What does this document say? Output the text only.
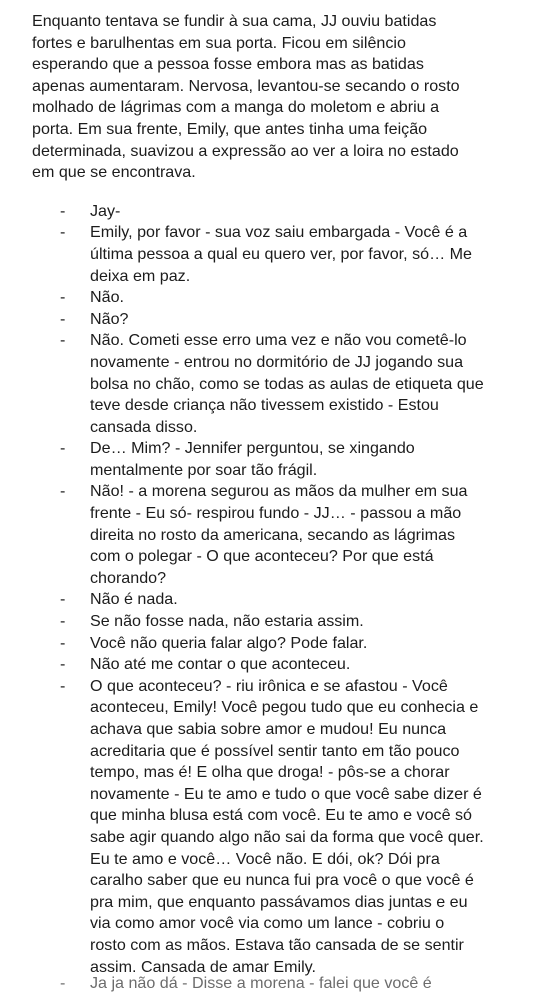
Enquanto tentava se fundir à sua cama, JJ ouviu batidas
fortes e barulhentas em sua porta. Ficou em silêncio
esperando que a pessoa fosse embora mas as batidas
apenas aumentaram. Nervosa, levantou-se secando o rosto
molhado de lágrimas com a manga do moletom e abriu a
porta. Em sua frente, Emily, que antes tinha uma feição
determinada, suavizou a expressão ao ver a loira no estado
em que se encontrava.

- Jay-
- Emily, por favor - sua voz saiu embargada - Você é a
última pessoa a qual eu quero ver, por favor, só… Me
deixa em paz.
- Não.
- Não?
- Não. Cometi esse erro uma vez e não vou cometê-lo
novamente - entrou no dormitório de JJ jogando sua
bolsa no chão, como se todas as aulas de etiqueta que
teve desde criança não tivessem existido - Estou
cansada disso.
- De… Mim? - Jennifer perguntou, se xingando
mentalmente por soar tão frágil.
- Não! - a morena segurou as mãos da mulher em sua
frente - Eu só- respirou fundo - JJ… - passou a mão
direita no rosto da americana, secando as lágrimas
com o polegar - O que aconteceu? Por que está
chorando?
- Não é nada.
- Se não fosse nada, não estaria assim.
- Você não queria falar algo? Pode falar.
- Não até me contar o que aconteceu.
- O que aconteceu? - riu irônica e se afastou - Você
aconteceu, Emily! Você pegou tudo que eu conhecia e
achava que sabia sobre amor e mudou! Eu nunca
acreditaria que é possível sentir tanto em tão pouco
tempo, mas é! E olha que droga! - pôs-se a chorar
novamente - Eu te amo e tudo o que você sabe dizer é
que minha blusa está com você. Eu te amo e você só
sabe agir quando algo não sai da forma que você quer.
Eu te amo e você… Você não. E dói, ok? Dói pra
caralho saber que eu nunca fui pra você o que você é
pra mim, que enquanto passávamos dias juntas e eu
via como amor você via como um lance - cobriu o
rosto com as mãos. Estava tão cansada de se sentir
assim. Cansada de amar Emily.
- Ja ja não dá - Disse a morena - falei que você é
